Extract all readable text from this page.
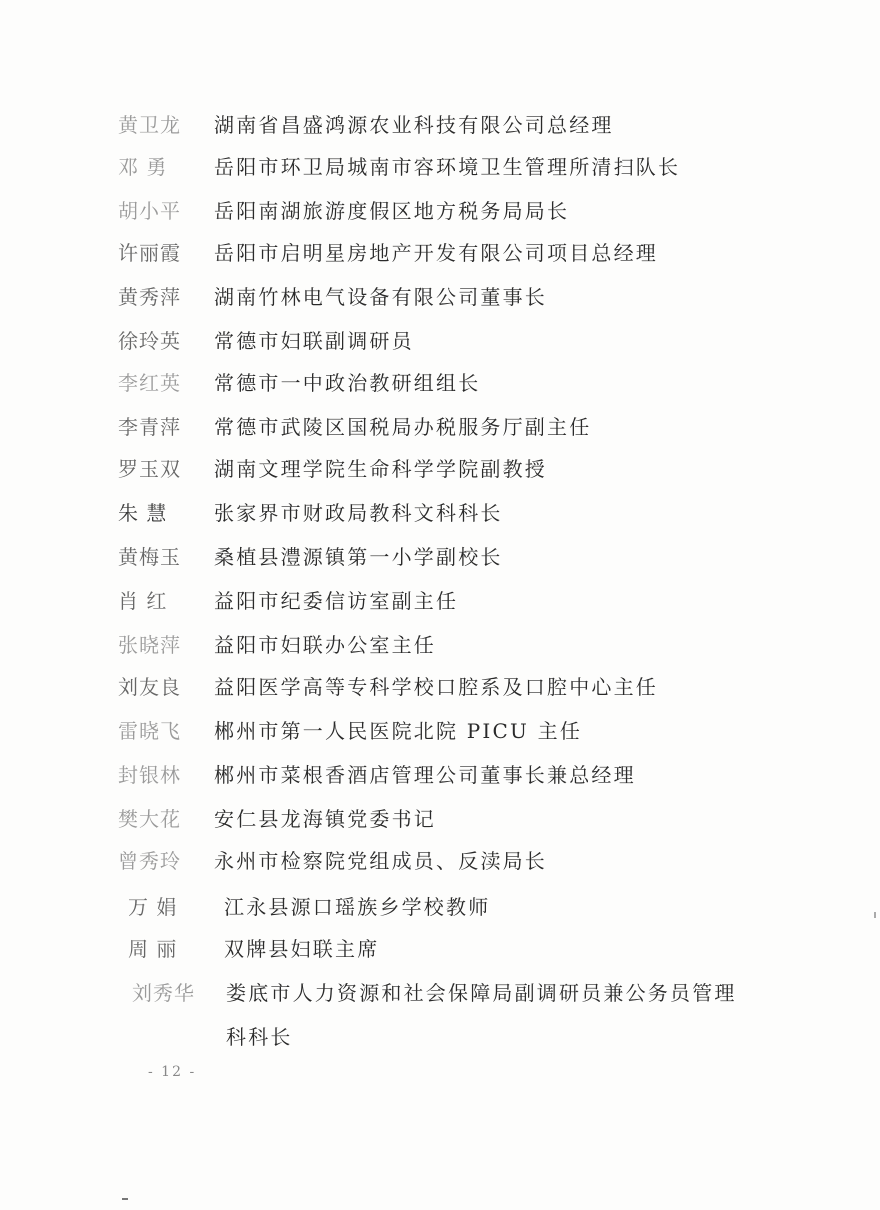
黄卫龙	湖南省昌盛鸿源农业科技有限公司总经理
邓 勇	岳阳市环卫局城南市容环境卫生管理所清扫队长
胡小平	岳阳南湖旅游度假区地方税务局局长
许丽霞	岳阳市启明星房地产开发有限公司项目总经理
黄秀萍	湖南竹林电气设备有限公司董事长
徐玲英	常德市妇联副调研员
李红英	常德市一中政治教研组组长
李青萍	常德市武陵区国税局办税服务厅副主任
罗玉双	湖南文理学院生命科学学院副教授
朱 慧	张家界市财政局教科文科科长
黄梅玉	桑植县澧源镇第一小学副校长
肖 红	益阳市纪委信访室副主任
张晓萍	益阳市妇联办公室主任
刘友良	益阳医学高等专科学校口腔系及口腔中心主任
雷晓飞	郴州市第一人民医院北院 PICU 主任
封银林	郴州市菜根香酒店管理公司董事长兼总经理
樊大花	安仁县龙海镇党委书记
曾秀玲	永州市检察院党组成员、反渎局长
万 娟	江永县源口瑶族乡学校教师
周 丽	双牌县妇联主席
刘秀华	娄底市人力资源和社会保障局副调研员兼公务员管理
科科长
- 12 -
